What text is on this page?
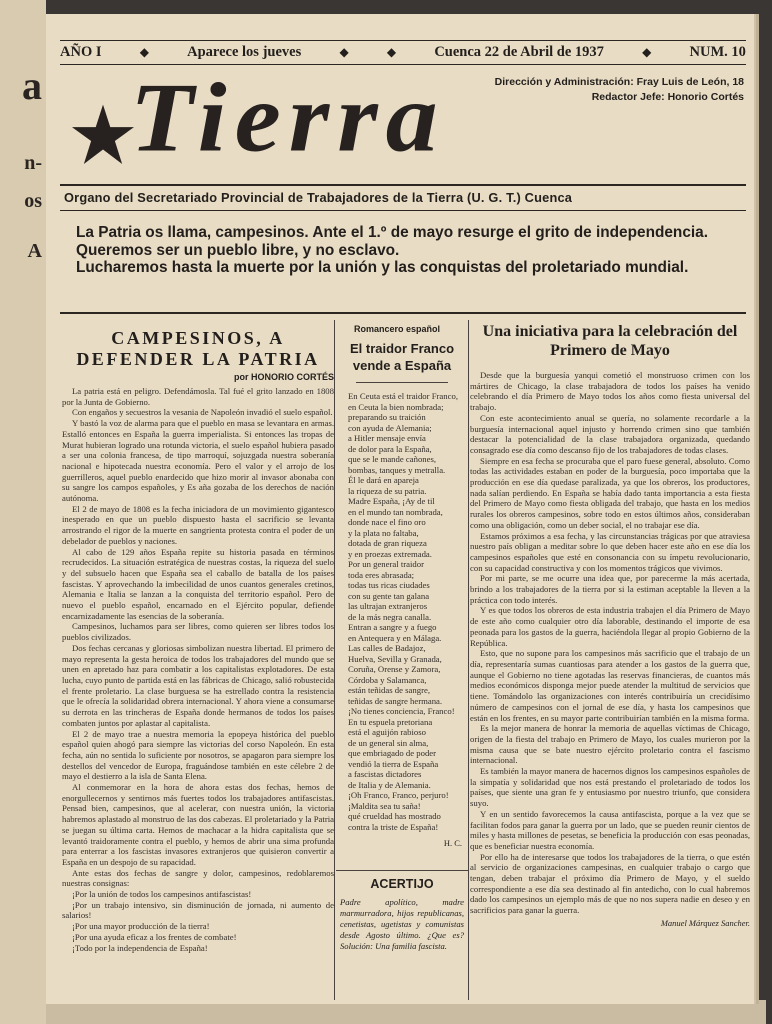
a
n-
os
A
AÑO I	◆	Aparece los jueves	◆	◆	Cuenca 22 de Abril de 1937	◆	NUM. 10
Dirección y Administración: Fray Luis de León, 18
Redactor Jefe: Honorio Cortés
Tierra
Organo del Secretariado Provincial de Trabajadores de la Tierra (U. G. T.) Cuenca

La Patria os llama, campesinos. Ante el 1.º de mayo resurge el grito de independencia.

Queremos ser un pueblo libre, y no esclavo.

Lucharemos hasta la muerte por la unión y las conquistas del proletariado mundial.

CAMPESINOS, A DEFENDER LA PATRIA
por HONORIO CORTÉS

La patria está en peligro. Defendámosla. Tal fué el grito lanzado en 1808 por la Junta de Gobierno.

Con engaños y secuestros la vesania de Napoleón invadió el suelo español.

Y bastó la voz de alarma para que el pueblo en masa se levantara en armas. Estalló entonces en España la guerra imperialista. Si entonces las tropas de Murat hubieran logrado una rotunda victoria, el suelo español hubiera pasado a ser una colonia francesa, de tipo marroquí, sojuzgada nuestra soberanía nacional e hipotecada nuestra economía. Pero el valor y el arrojo de los guerrilleros, aquel pueblo enardecido que hizo morir al invasor abonaba con su sangre los campos españoles, y Es aña gozaba de los derechos de nación autónoma.

El 2 de mayo de 1808 es la fecha iniciadora de un movimiento gigantesco inesperado en que un pueblo dispuesto hasta el sacrificio se levanta arrostrando el rigor de la muerte en sangrienta protesta contra el poder de un debelador de pueblos y naciones.

Al cabo de 129 años España repite su historia pasada en términos recrudecidos. La situación estratégica de nuestras costas, la riqueza del suelo y del subsuelo hacen que España sea el caballo de batalla de los países fascistas. Y aprovechando la imbecilidad de unos cuantos generales cretinos, Alemania e Italia se lanzan a la conquista del territorio español. Pero de nuevo el pueblo español, encarnado en el Ejército popular, defiende encarnizadamente las esencias de la soberanía.

Campesinos, luchamos para ser libres, como quieren ser libres todos los pueblos civilizados.

Dos fechas cercanas y gloriosas simbolizan nuestra libertad. El primero de mayo representa la gesta heroica de todos los trabajadores del mundo que se unen en apretado haz para combatir a los capitalistas explotadores. De esta lucha, cuyo punto de partida está en las fábricas de Chicago, salió robustecida el frente proletario. La clase burguesa se ha estrellado contra la resistencia que le ofrecía la solidaridad obrera internacional. Y ahora viene a consumarse su derrota en las trincheras de España donde hermanos de todos los países combaten juntos por aplastar al capitalista.

El 2 de mayo trae a nuestra memoria la epopeya histórica del pueblo español quien ahogó para siempre las victorias del corso Napoleón. En esta fecha, aún no sentida lo suficiente por nosotros, se apagaron para siempre los destellos del vencedor de Europa, fraguándose también en este célebre 2 de mayo el destierro a la isla de Santa Elena.

Al conmemorar en la hora de ahora estas dos fechas, hemos de enorgullecernos y sentirnos más fuertes todos los trabajadores antifascistas. Pensad bien, campesinos, que al acelerar, con nuestra unión, la victoria habremos aplastado al monstruo de las dos cabezas. El proletariado y la Patria se juegan su última carta. Hemos de machacar a la hidra capitalista que se levantó traidoramente contra el pueblo, y hemos de abrir una sima profunda para enterrar a los fascistas invasores extranjeros que quisieron convertir a España en un despojo de su rapacidad.

Ante estas dos fechas de sangre y dolor, campesinos, redoblaremos nuestras consignas:

¡Por la unión de todos los campesinos antifascistas!

¡Por un trabajo intensivo, sin disminución de jornada, ni aumento de salarios!

¡Por una mayor producción de la tierra!

¡Por una ayuda eficaz a los frentes de combate!

¡Todo por la independencia de España!

Romancero español
El traidor Franco vende a España
En Ceuta está el traidor Franco,
en Ceuta la bien nombrada;
preparando su traición
con ayuda de Alemania;
a Hitler mensaje envía
de dolor para la España,
que se le mande cañones,
bombas, tanques y metralla.
Él le dará en apareja
la riqueza de su patria.
Madre España, ¡Ay de til
en el mundo tan nombrada,
donde nace el fino oro
y la plata no faltaba,
dotada de gran riqueza
y en proezas extremada.
Por un general traidor
toda eres abrasada;
todas tus ricas ciudades
con su gente tan galana
las ultrajan extranjeros
de la más negra canalla.
Entran a sangre y a fuego
en Antequera y en Málaga.
Las calles de Badajoz,
Huelva, Sevilla y Granada,
Coruña, Orense y Zamora,
Córdoba y Salamanca,
están teñidas de sangre,
teñidas de sangre hermana.
¡No tienes conciencia, Franco!
En tu espuela pretoriana
está el aguijón rabioso
de un general sin alma,
que embriagado de poder
vendió la tierra de España
a fascistas dictadores
de Italia y de Alemania.
¡Oh Franco, Franco, perjuro!
¡Maldita sea tu saña!
qué crueldad has mostrado
contra la triste de España!
H. C.
ACERTIJO
Padre apolítico, madre marmurradora, hijos republicanas, cenetistas, ugetistas y comunistas desde Agosto último. ¿Que es? Solución: Una familia fascista.
Una iniciativa para la celebración del Primero de Mayo

Desde que la burguesía yanqui cometió el monstruoso crimen con los mártires de Chicago, la clase trabajadora de todos los países ha venido celebrando el día Primero de Mayo todos los años como fiesta universal del trabajo.

Con este acontecimiento anual se quería, no solamente recordarle a la burguesía internacional aquel injusto y horrendo crimen sino que también destacar la potencialidad de la clase trabajadora organizada, quedando consagrado ese día como descanso fijo de los trabajadores de todas clases.

Siempre en esa fecha se procuraba que el paro fuese general, absoluto. Como todas las actividades estaban en poder de la burguesía, poco importaba que la producción en ese día quedase paralizada, ya que los obreros, los productores, nada salían perdiendo. En España se había dado tanta importancia a esta fiesta del Primero de Mayo como fiesta obligada del trabajo, que hasta en los medios rurales los obreros campesinos, sobre todo en estos últimos años, consideraban como una obligación, como un deber social, el no trabajar ese día.

Estamos próximos a esa fecha, y las circunstancias trágicas por que atraviesa nuestro país obligan a meditar sobre lo que deben hacer este año en ese día los campesinos españoles que esté en consonancia con su ímpetu revolucionario, con su capacidad constructiva y con los momentos trágicos que vivimos.

Por mi parte, se me ocurre una idea que, por parecerme la más acertada, brindo a los trabajadores de la tierra por si la estiman aceptable la lleven a la práctica con todo interés.

Y es que todos los obreros de esta industria trabajen el día Primero de Mayo de este año como cualquier otro día laborable, destinando el importe de esa peonada para los gastos de la guerra, haciéndola llegar al propio Gobierno de la República.

Esto, que no supone para los campesinos más sacrificio que el trabajo de un día, representaría sumas cuantiosas para atender a los gastos de la guerra que, aunque el Gobierno no tiene agotadas las reservas financieras, de cuantos más medios económicos disponga mejor puede atender la multitud de servicios que tiene. Tomándolo las organizaciones con interés contribuiría un crecidísimo número de campesinos con el jornal de ese día, y hasta los campesinos que están en los frentes, en su mayor parte contribuirían también en la misma forma.

Es la mejor manera de honrar la memoria de aquellas víctimas de Chicago, origen de la fiesta del trabajo en Primero de Mayo, los cuales murieron por la misma causa que se bate nuestro ejército proletario contra el fascismo internacional.

Es también la mayor manera de hacernos dignos los campesinos españoles de la simpatía y solidaridad que nos está prestando el proletariado de todos los países, que siente una gran fe y entusiasmo por nuestro triunfo, que considera suyo.

Y en un sentido favorecemos la causa antifascista, porque a la vez que se facilitan fodos para ganar la guerra por un lado, que se pueden reunir cientos de miles y hasta millones de pesetas, se beneficia la producción con esas peonadas, que es beneficiar nuestra economía.

Por ello ha de interesarse que todos los trabajadores de la tierra, o que estén al servicio de organizaciones campesinas, en cualquier trabajo o cargo que tengan, deben trabajar el próximo día Primero de Mayo, y el sueldo correspondiente a ese día sea destinado al fin antedicho, con lo cual habremos dado los campesinos un ejemplo más de que no nos supera nadie en deseo y en sacrificios para ganar la guerra.

Manuel Márquez Sancher.
